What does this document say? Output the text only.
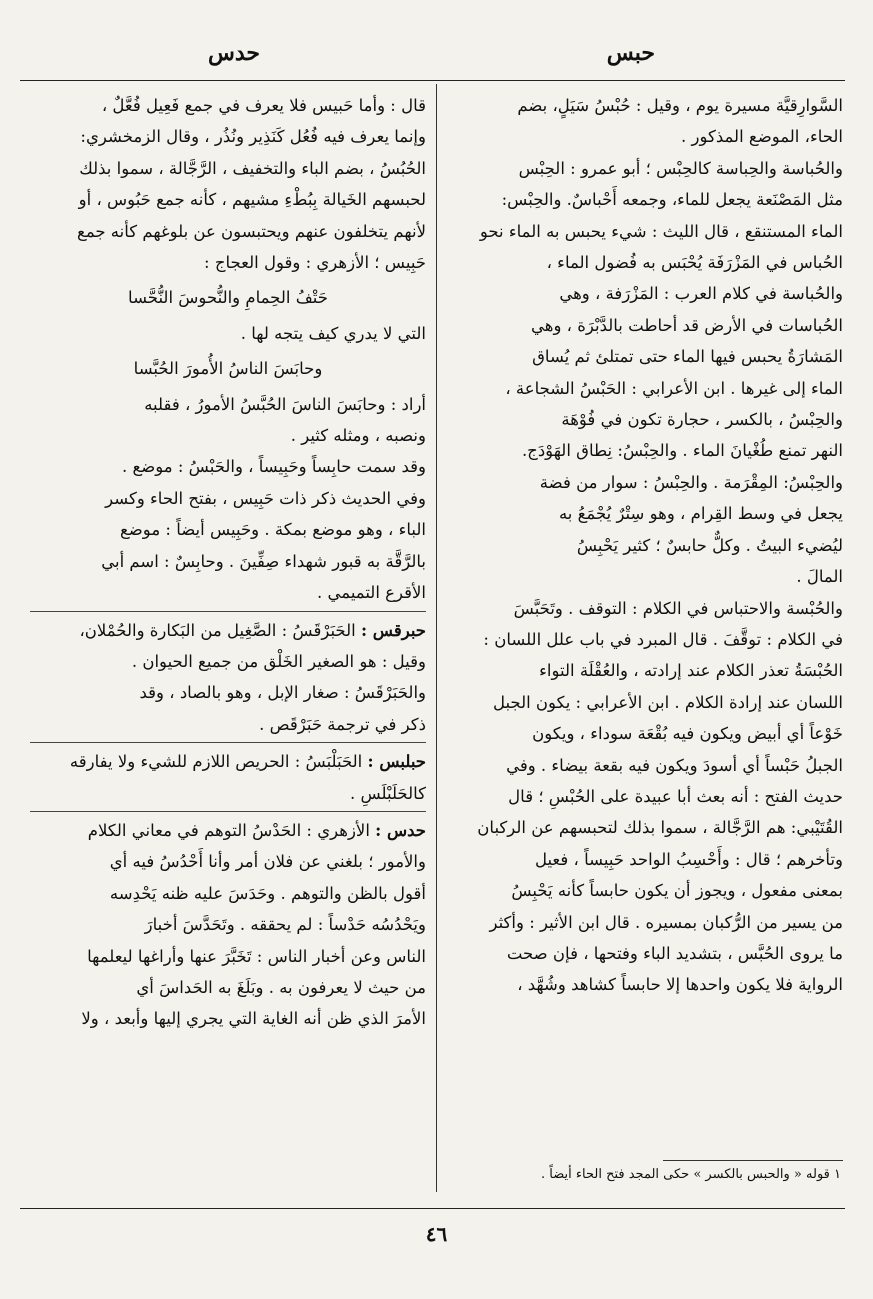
حبس
حدس

السَّوارِقيَّة مسيرة يوم ، وقيل : حُبْسُ سَيَلٍ، بضم

الحاء، الموضع المذكور .

والحُباسة والحِباسة كالحِبْس ؛ أبو عمرو : الحِبْس

مثل المَصْنَعة يجعل للماء، وجمعه أَحْباسٌ. والحِبْس:

الماء المستنقع ، قال الليث : شيء يحبس به الماء نحو

الحُباس في المَزْرَفَة يُحْبَس به فُضول الماء ،

والحُباسة في كلام العرب : المَزْرَفة ، وهي

الحُباسات في الأرض قد أحاطت بالدَّبْرَة ، وهي

المَشارَةُ يحبس فيها الماء حتى تمتلئ ثم يُساق

الماء إلى غيرها . ابن الأعرابي : الحَبْسُ الشجاعة ،

والحِبْسُ ، بالكسر ، حجارة تكون في فُوْهَة

النهر تمنع طُغْيانَ الماء . والحِبْسُ: نِطاق الهَوْدَج.

والحِبْسُ: المِقْرَمة . والحِبْسُ : سوار من فضة

يجعل في وسط القِرام ، وهو سِتْرٌ يُجْمَعُ به

ليُضيء البيتُ . وكلٌّ حابسٌ ؛ كثير يَحْبِسُ

المالَ .

والحُبْسة والاحتباس في الكلام : التوقف . وتَحَبَّسَ

في الكلام : توقَّفَ . قال المبرد في باب علل اللسان :

الحُبْسَةُ تعذر الكلام عند إرادته ، والعُقْلَة التواء

اللسان عند إرادة الكلام . ابن الأعرابي : يكون الجبل

خَوْعاً أي أبيض ويكون فيه بُقْعَة سوداء ، ويكون

الجبلُ حَبْساً أي أسودَ ويكون فيه بقعة بيضاء . وفي

حديث الفتح : أنه بعث أبا عبيدة على الحُبْسِ ؛ قال

القُتَيْبي: هم الرَّجَّالة ، سموا بذلك لتحبسهم عن الركبان

وتأخرهم ؛ قال : وأَحْسِبُ الواحد حَبِيساً ، فعيل

بمعنى مفعول ، ويجوز أن يكون حابساً كأنه يَحْبِسُ

من يسير من الرُّكبان بمسيره . قال ابن الأثير : وأكثر

ما يروى الحُبَّس ، بتشديد الباء وفتحها ، فإن صحت

الرواية فلا يكون واحدها إلا حابساً كشاهد وشُهَّد ،

قال : وأما حَبيس فلا يعرف في جمع فَعِيل فُعَّلٌ ،

وإنما يعرف فيه فُعُل كَنَذِير ونُذُر ، وقال الزمخشري:

الحُبُسُ ، بضم الباء والتخفيف ، الرَّجَّالة ، سموا بذلك

لحبسهم الخَيالة بِبُطْءِ مشيهم ، كأنه جمع حَبُوس ، أو

لأنهم يتخلفون عنهم ويحتبسون عن بلوغهم كأنه جمع

حَبِيس ؛ الأزهري : وقول العجاج :

حَتْفُ الحِمامِ والنُّحوسَ النُّحَّسا

التي لا يدري كيف يتجه لها .

وحابَسَ الناسُ الأُمورَ الحُبَّسا

أراد : وحابَسَ الناسَ الحُبَّسُ الأمورُ ، فقلبه

ونصبه ، ومثله كثير .

وقد سمت حابِساً وحَبِيساً ، والحَبْسُ : موضع .

وفي الحديث ذكر ذات حَبِيس ، بفتح الحاء وكسر

الباء ، وهو موضع بمكة . وحَبِيس أيضاً : موضع

بالرَّقَّة به قبور شهداء صِفِّينَ . وحابِسٌ : اسم أبي

الأقرع التميمي .

حبرقس : الحَبَرْقَسُ : الصَّغِيل من البَكارة والحُمْلان،

وقيل : هو الصغير الخَلْق من جميع الحيوان .

والحَبَرْقَسُ : صغار الإبل ، وهو بالصاد ، وقد

ذكر في ترجمة حَبَرْقَص .

حبلبس : الحَبَلْبَسُ : الحريص اللازم للشيء ولا يفارقه

كالحَلَبْلَسِ .

حدس : الأزهري : الحَدْسُ التوهم في معاني الكلام

والأمور ؛ بلغني عن فلان أمر وأنا أَحْدُسُ فيه أي

أقول بالظن والتوهم . وحَدَسَ عليه ظنه يَحْدِسه

ويَحْدُسُه حَدْساً : لم يحققه . وتَحَدَّسَ أخبارَ

الناس وعن أخبار الناس : تَخَبَّرَ عنها وأراغها ليعلمها

من حيث لا يعرفون به . وبَلَغَ به الحَداسَ أي

الأمرَ الذي ظن أنه الغاية التي يجري إليها وأبعد ، ولا

١ قوله « والحبس بالكسر » حكى المجد فتح الحاء أيضاً .
٤٦
